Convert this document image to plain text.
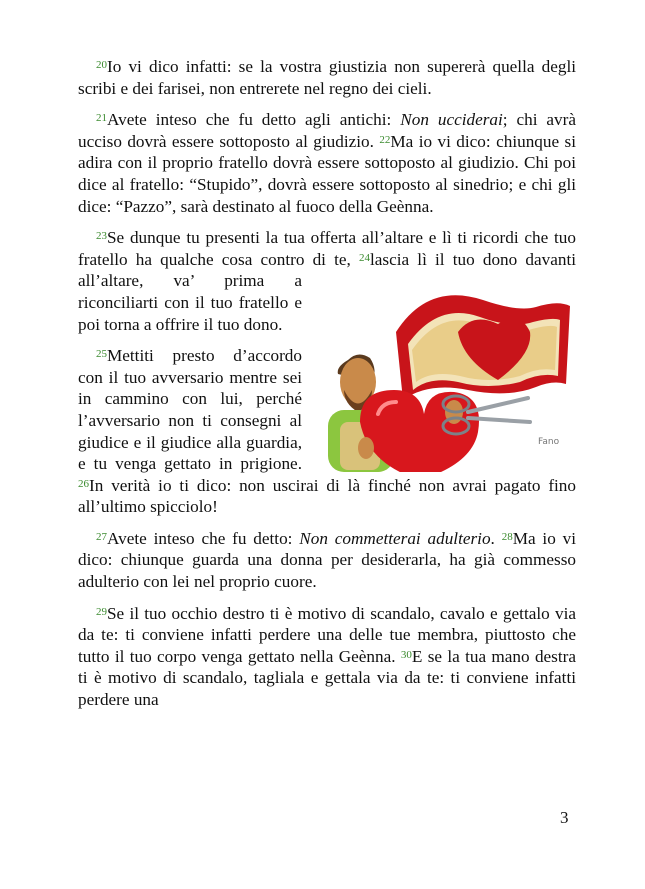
$^{20}$Io vi dico infatti: se la vostra giustizia non supererà quella degli scribi e dei farisei, non entrerete nel regno dei cieli.

$^{21}$Avete inteso che fu detto agli antichi: Non ucciderai; chi avrà ucciso dovrà essere sottoposto al giudizio. $^{22}$Ma io vi dico: chiunque si adira con il proprio fratello dovrà essere sottoposto al giudizio. Chi poi dice al fratello: “Stupido”, dovrà essere sottoposto al sinedrio; e chi gli dice: “Pazzo”, sarà destinato al fuoco della Geènna.

$^{23}$Se dunque tu presenti la tua offerta all’altare e lì ti ricordi che tuo fratello ha qualche cosa contro di te, $^{24}$
Fano
lascia lì il tuo dono davanti all’altare, va’ prima a riconciliarti con il tuo fratello e poi torna a offrire il tuo dono.

$^{25}$Mettiti presto d’accordo con il tuo avversario mentre sei in cammino con lui, perché l’avversario non ti consegni al giudice e il giudice alla guardia, e tu venga gettato in prigione. $^{26}$In verità io ti dico: non uscirai di là finché non avrai pagato fino all’ultimo spicciolo!

$^{27}$Avete inteso che fu detto: Non commetterai adulterio. $^{28}$Ma io vi dico: chiunque guarda una donna per desiderarla, ha già commesso adulterio con lei nel proprio cuore.

$^{29}$Se il tuo occhio destro ti è motivo di scandalo, cavalo e gettalo via da te: ti conviene infatti perdere una delle tue membra, piuttosto che tutto il tuo corpo venga gettato nella Geènna. $^{30}$E se la tua mano destra ti è motivo di scandalo, tagliala e gettala via da te: ti conviene infatti perdere una

3
